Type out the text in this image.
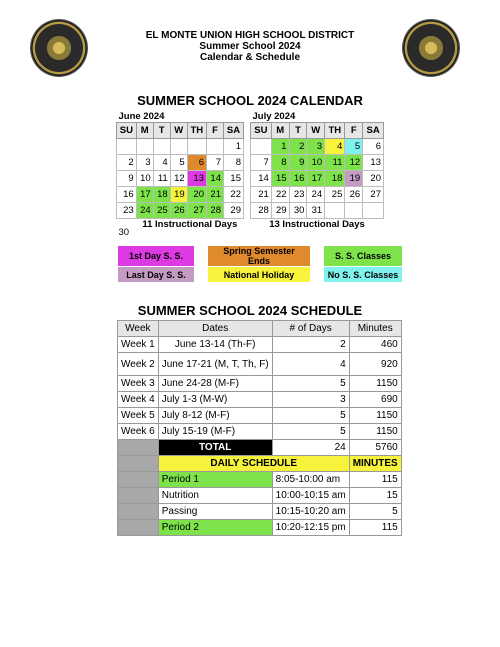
EL MONTE UNION HIGH SCHOOL DISTRICT
Summer School 2024
Calendar & Schedule
SUMMER SCHOOL 2024 CALENDAR
June 2024						
SU	M	T	W	TH	F	SA
						1
2	3	4	5	6	7	8
9	10	11	12	13	14	15
16	17	18	19	20	21	22
23	24	25	26	27	28	29
30	11 Instructional Days					
July 2024						
SU	M	T	W	TH	F	SA
	1	2	3	4	5	6
7	8	9	10	11	12	13
14	15	16	17	18	19	20
21	22	23	24	25	26	27
28	29	30	31			
13 Instructional Days						
1st Day S. S.		Spring Semester Ends		S. S. Classes
Last Day S. S.		National Holiday		No S. S. Classes
SUMMER SCHOOL 2024 SCHEDULE
Week	Dates	# of Days	Minutes
Week 1	June 13-14 (Th-F)	2	460
Week 2	June 17-21 (M, T, Th, F)	4	920
Week 3	June 24-28 (M-F)	5	1150
Week 4	July 1-3 (M-W)	3	690
Week 5	July 8-12 (M-F)	5	1150
Week 6	July 15-19 (M-F)	5	1150
	TOTAL	24	5760
	DAILY SCHEDULE		MINUTES
	Period 1	8:05-10:00 am	115
	Nutrition	10:00-10:15 am	15
	Passing	10:15-10:20 am	5
	Period 2	10:20-12:15 pm	115
